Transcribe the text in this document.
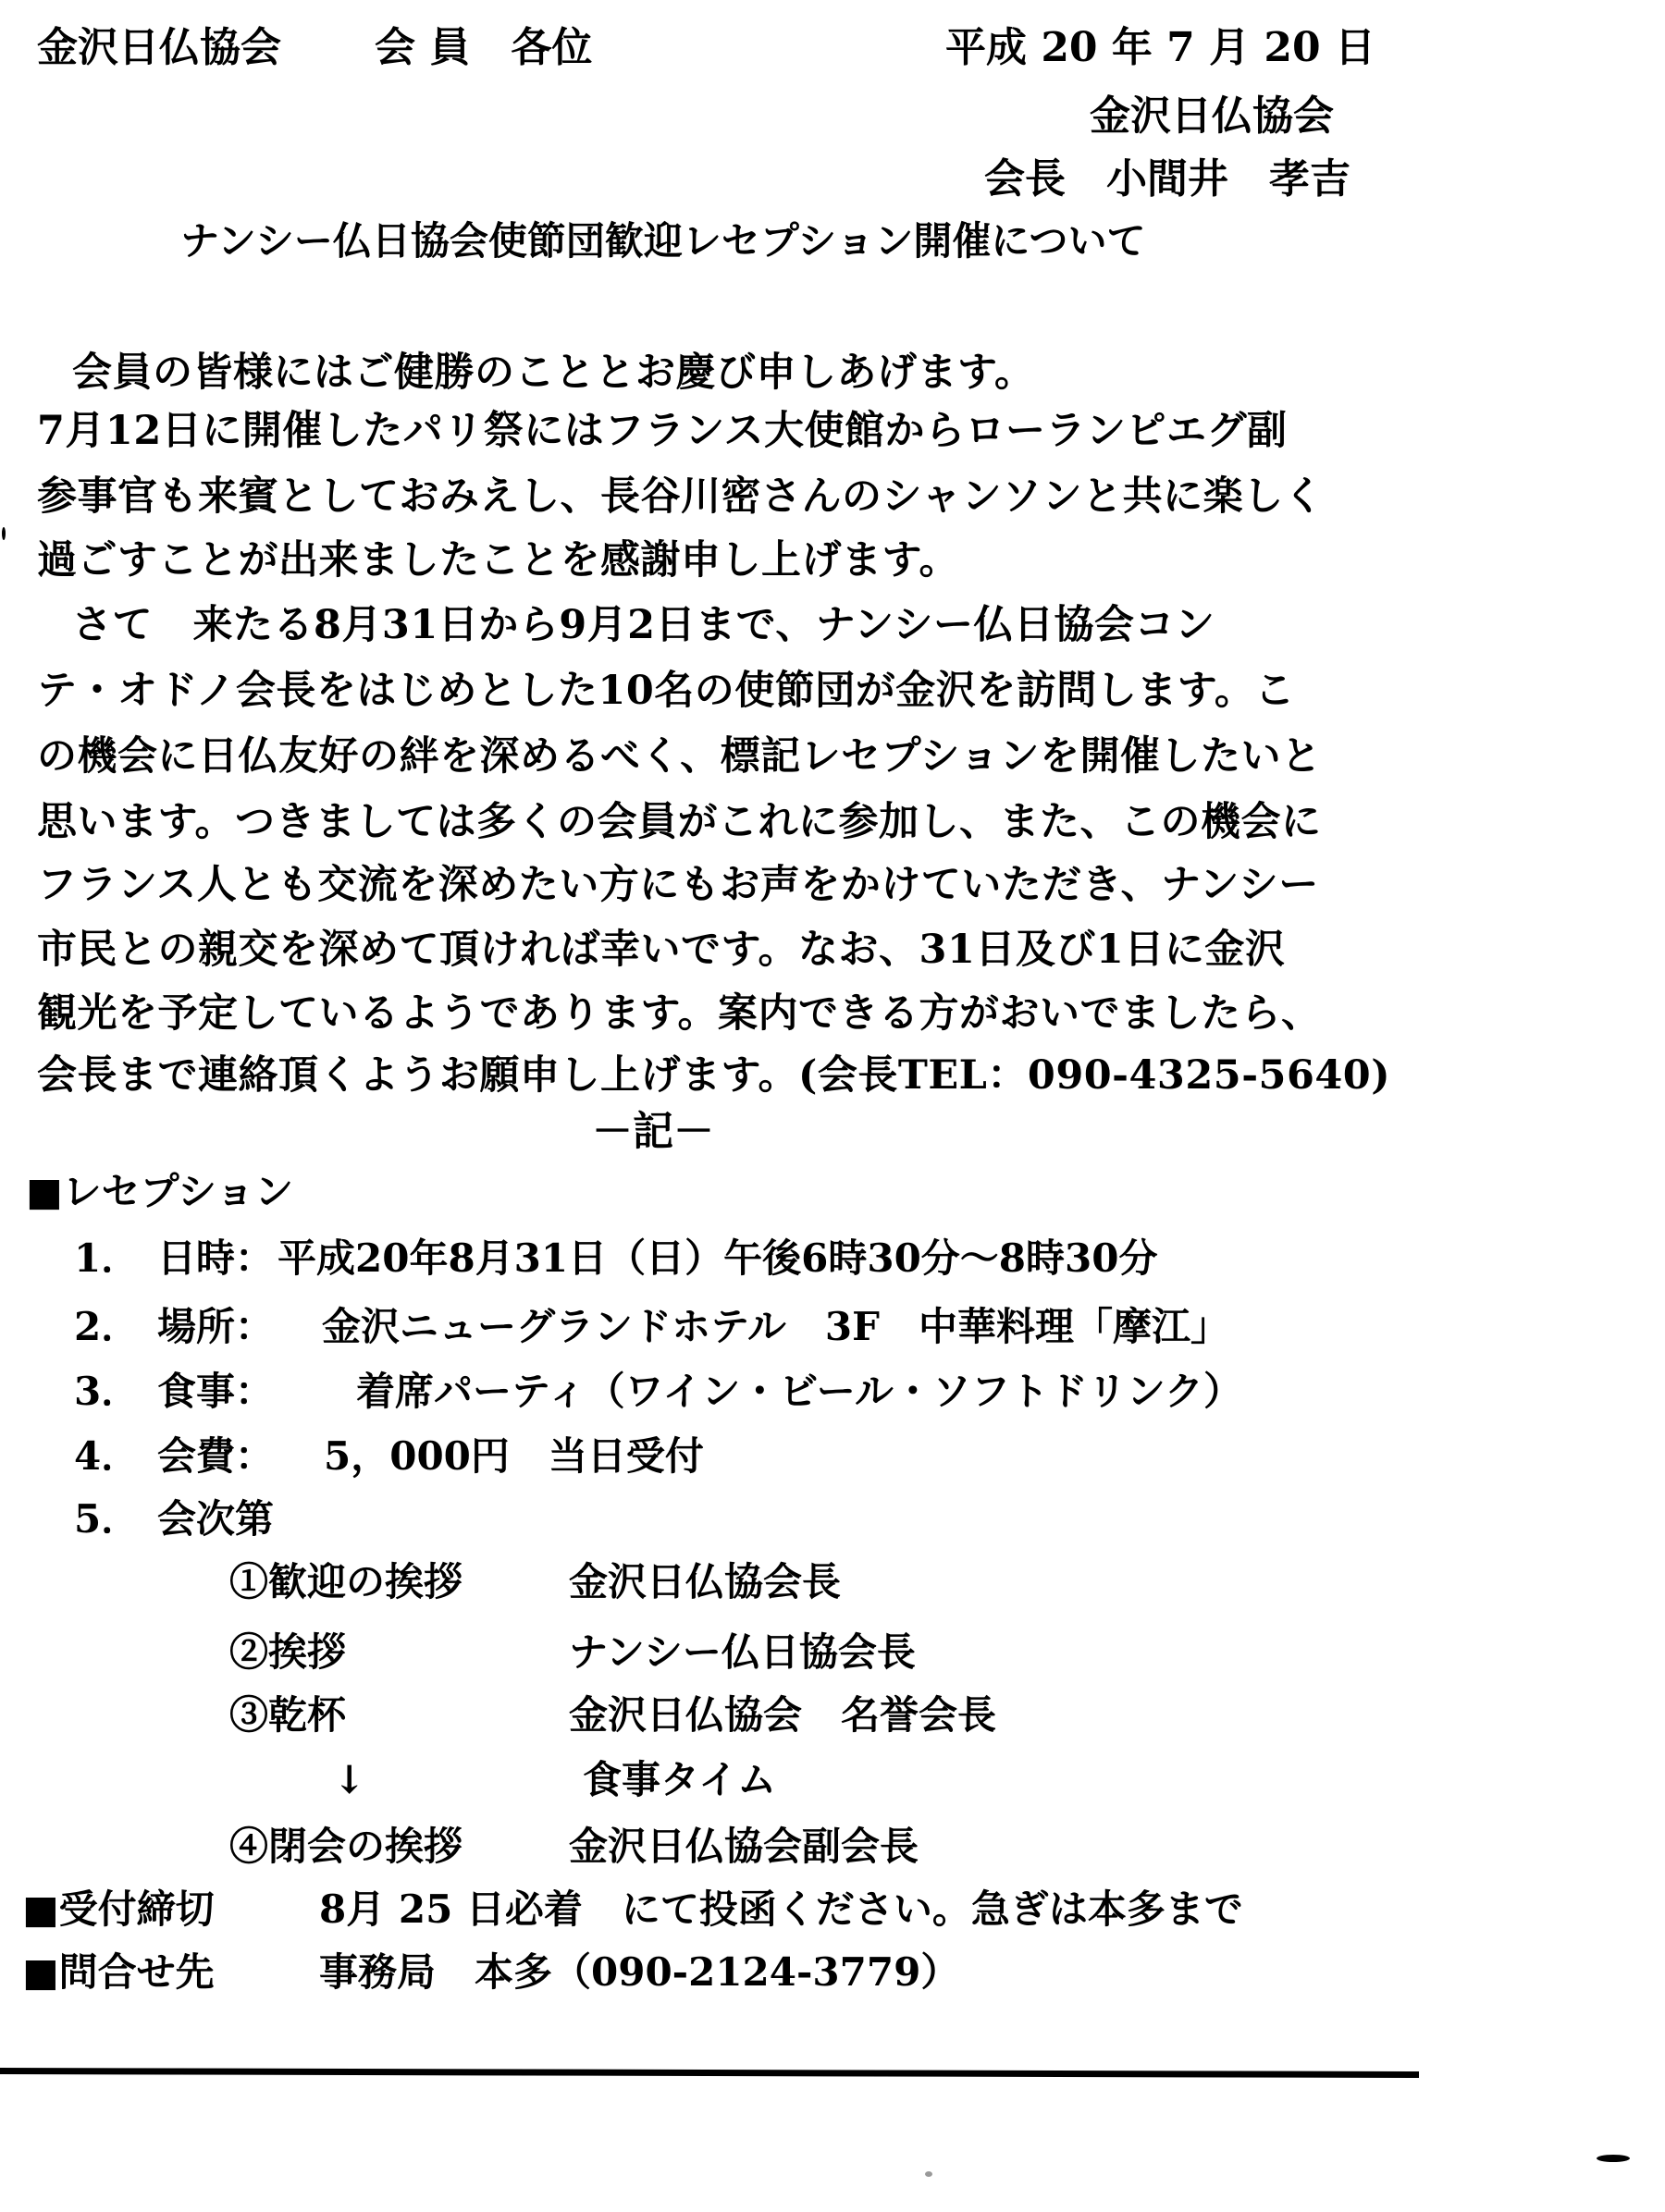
金沢日仏協会 会 員　各位	平成 20 年 7 月 20 日
金沢日仏協会
会長　小間井　孝吉
ナンシー仏日協会使節団歓迎レセプション開催について
会員の皆様にはご健勝のこととお慶び申しあげます。
7月12日に開催したパリ祭にはフランス大使館からローランピエグ副
参事官も来賓としておみえし、長谷川密さんのシャンソンと共に楽しく
過ごすことが出来ましたことを感謝申し上げます。
さて　来たる8月31日から9月2日まで、ナンシー仏日協会コン
テ・オドノ会長をはじめとした10名の使節団が金沢を訪問します。こ
の機会に日仏友好の絆を深めるべく、標記レセプションを開催したいと
思います。つきましては多くの会員がこれに参加し、また、この機会に
フランス人とも交流を深めたい方にもお声をかけていただき、ナンシー
市民との親交を深めて頂ければ幸いです。なお、31日及び1日に金沢
観光を予定しているようであります。案内できる方がおいでましたら、
会長まで連絡頂くようお願申し上げます。(会長TEL：090-4325-5640)
－記－
■レセプション
1． 日時： 平成20年8月31日（日）午後6時30分～8時30分
2． 場所： 金沢ニューグランドホテル　3F　中華料理「摩江」
3． 食事： 着席パーティ（ワイン・ビール・ソフトドリンク）
4． 会費： 5，000円　当日受付
5． 会次第
①歓迎の挨拶	金沢日仏協会長
②挨拶	ナンシー仏日協会長
③乾杯	金沢日仏協会　名誉会長
↓	食事タイム
④閉会の挨拶	金沢日仏協会副会長
■受付締切	8月 25 日必着　にて投函ください。急ぎは本多まで
■問合せ先	事務局　本多（090-2124-3779）
